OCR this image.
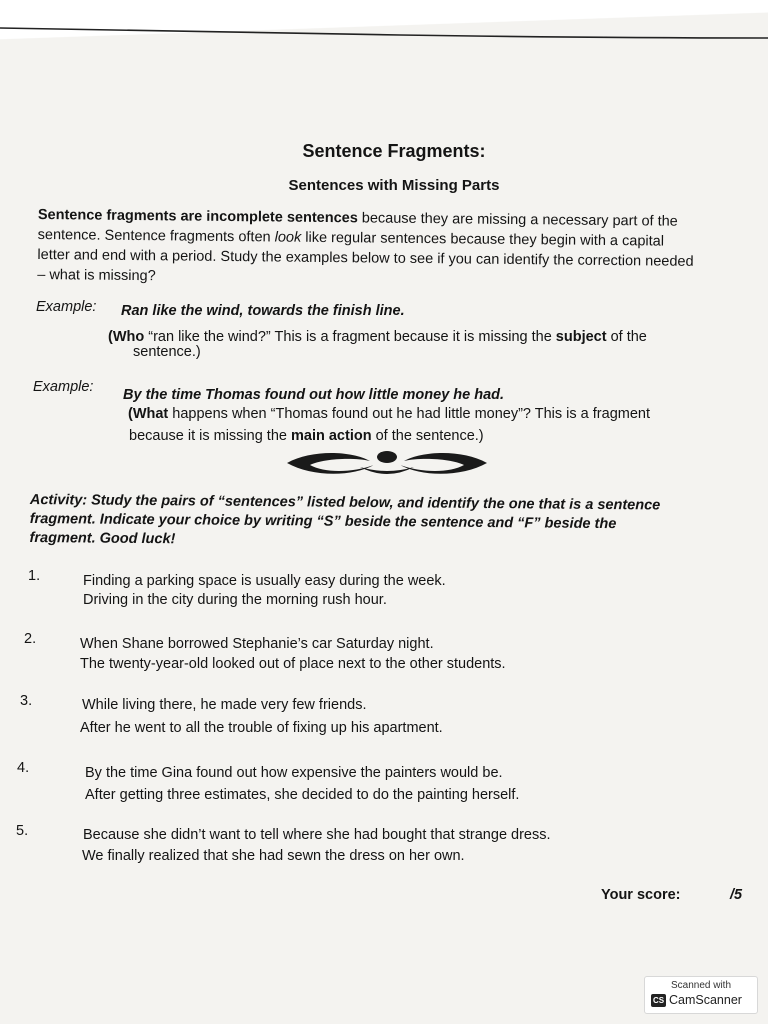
Sentence Fragments:
Sentences with Missing Parts
Sentence fragments are incomplete sentences because they are missing a necessary part of the
sentence. Sentence fragments often look like regular sentences because they begin with a capital
letter and end with a period. Study the examples below to see if you can identify the correction needed
– what is missing?
Example: Ran like the wind, towards the finish line.
(Who “ran like the wind?” This is a fragment because it is missing the subject of the
sentence.)
Example: By the time Thomas found out how little money he had.
(What happens when “Thomas found out he had little money”? This is a fragment
because it is missing the main action of the sentence.)
Activity: Study the pairs of “sentences” listed below, and identify the one that is a sentence
fragment. Indicate your choice by writing “S” beside the sentence and “F” beside the
fragment. Good luck!
1.	Finding a parking space is usually easy during the week.
Driving in the city during the morning rush hour.
2.	When Shane borrowed Stephanie’s car Saturday night.
The twenty-year-old looked out of place next to the other students.
3.	While living there, he made very few friends.
After he went to all the trouble of fixing up his apartment.
4.	By the time Gina found out how expensive the painters would be.
After getting three estimates, she decided to do the painting herself.
5.	Because she didn’t want to tell where she had bought that strange dress.
We finally realized that she had sewn the dress on her own.
Your score:	/5
Scanned with
CS CamScanner
